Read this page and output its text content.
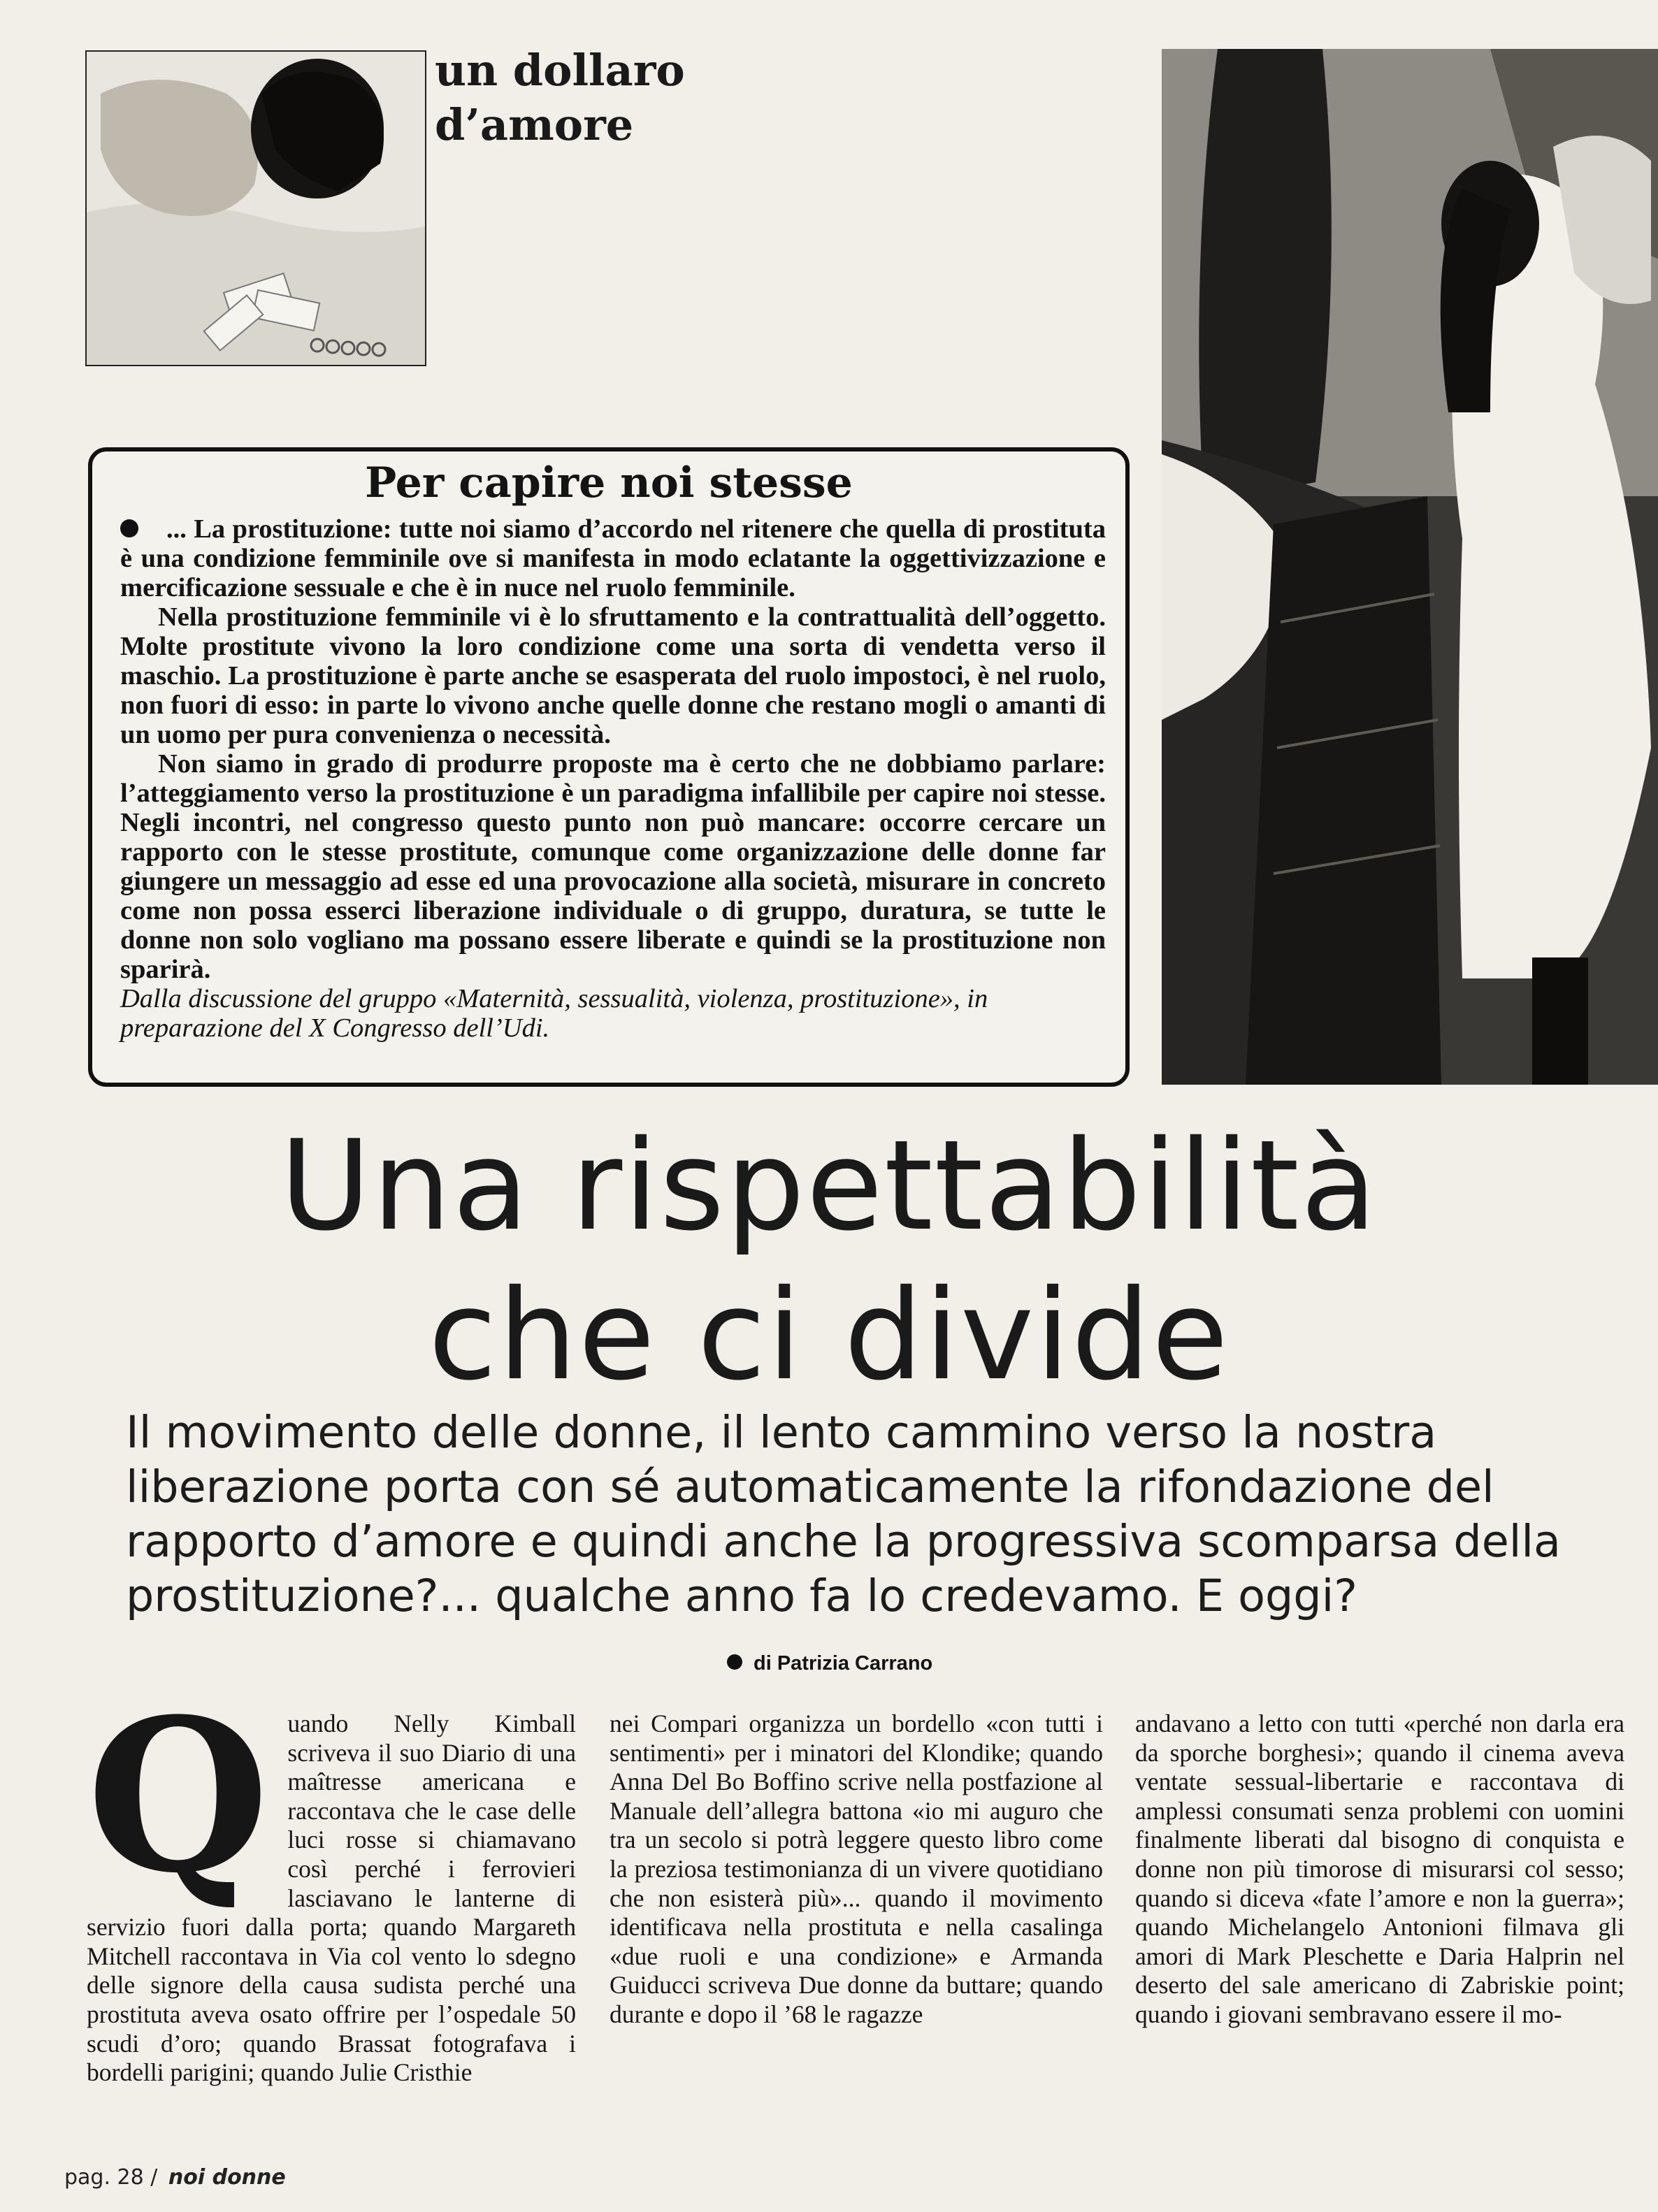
un dollaro
d’amore
Per capire noi stesse

... La prostituzione: tutte noi siamo d’accordo nel ritenere che quella di prostituta è una condizione femminile ove si manifesta in modo eclatante la oggettivizzazione e mercificazione sessuale e che è in nuce nel ruolo femminile.

Nella prostituzione femminile vi è lo sfruttamento e la contrattualità dell’oggetto. Molte prostitute vivono la loro condizione come una sorta di vendetta verso il maschio. La prostituzione è parte anche se esasperata del ruolo impostoci, è nel ruolo, non fuori di esso: in parte lo vivono anche quelle donne che restano mogli o amanti di un uomo per pura convenienza o necessità.

Non siamo in grado di produrre proposte ma è certo che ne dobbiamo parlare: l’atteggiamento verso la prostituzione è un paradigma infallibile per capire noi stesse. Negli incontri, nel congresso questo punto non può mancare: occorre cercare un rapporto con le stesse prostitute, comunque come organizzazione delle donne far giungere un messaggio ad esse ed una provocazione alla società, misurare in concreto come non possa esserci liberazione individuale o di gruppo, duratura, se tutte le donne non solo vogliano ma possano essere liberate e quindi se la prostituzione non sparirà.

Dalla discussione del gruppo «Maternità, sessualità, violenza, prostituzione», in preparazione del X Congresso dell’Udi.

Una rispettabilità
che ci divide
Il movimento delle donne, il lento cammino verso la nostra liberazione porta con sé automaticamente la rifondazione del rapporto d’amore e quindi anche la progressiva scomparsa della prostituzione?... qualche anno fa lo credevamo. E oggi?
di Patrizia Carrano
Q uando Nelly Kimball scriveva il suo Diario di una maîtresse americana e raccontava che le case delle luci rosse si chiamavano così perché i ferrovieri lasciavano le lanterne di servizio fuori dalla porta; quando Margareth Mitchell raccontava in Via col vento lo sdegno delle signore della causa sudista perché una prostituta aveva osato offrire per l’ospedale 50 scudi d’oro; quando Brassat fotografava i bordelli parigini; quando Julie Cristhie

nei Compari organizza un bordello «con tutti i sentimenti» per i minatori del Klondike; quando Anna Del Bo Boffino scrive nella postfazione al Manuale dell’allegra battona «io mi auguro che tra un secolo si potrà leggere questo libro come la preziosa testimonianza di un vivere quotidiano che non esisterà più»... quando il movimento identificava nella prostituta e nella casalinga «due ruoli e una condizione» e Armanda Guiducci scriveva Due donne da buttare; quando durante e dopo il ’68 le ragazze

andavano a letto con tutti «perché non darla era da sporche borghesi»; quando il cinema aveva ventate sessual-libertarie e raccontava di amplessi consumati senza problemi con uomini finalmente liberati dal bisogno di conquista e donne non più timorose di misurarsi col sesso; quando si diceva «fate l’amore e non la guerra»; quando Michelangelo Antonioni filmava gli amori di Mark Pleschette e Daria Halprin nel deserto del sale americano di Zabriskie point; quando i giovani sembravano essere il mo-

pag. 28 / noi donne
